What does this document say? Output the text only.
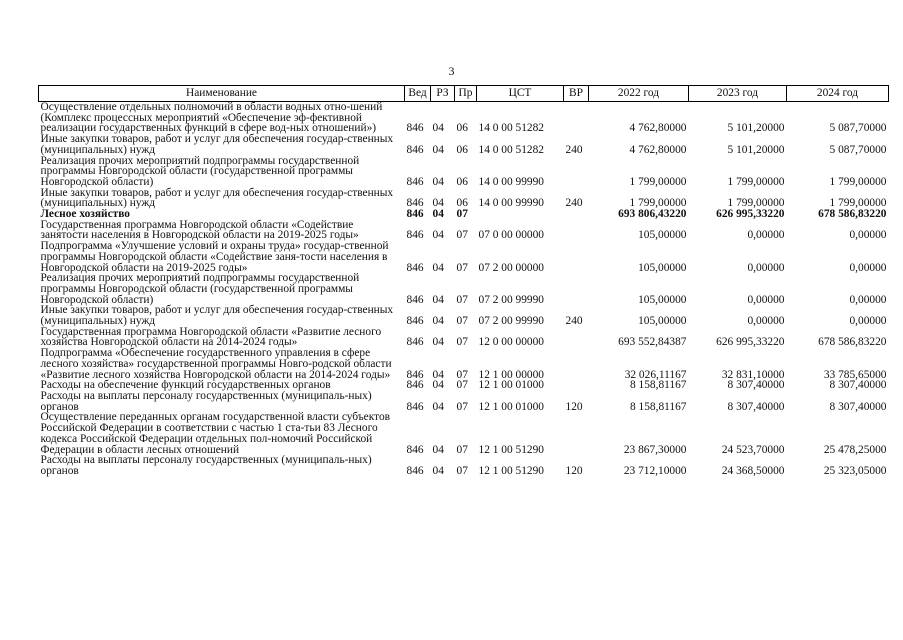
3
Наименование	Вед	РЗ	Пр	ЦСТ	ВР	2022 год	2023 год	2024 год
Осуществление отдельных полномочий в области водных отно-шений (Комплекс процессных мероприятий «Обеспечение эф-фективной реализации государственных функций в сфере вод-ных отношений»)	846	04	06	14 0 00 51282		4 762,80000	5 101,20000	5 087,70000
Иные закупки товаров, работ и услуг для обеспечения государ-ственных (муниципальных) нужд	846	04	06	14 0 00 51282	240	4 762,80000	5 101,20000	5 087,70000
Реализация прочих мероприятий подпрограммы государственной программы Новгородской области (государственной программы Новгородской области)	846	04	06	14 0 00 99990		1 799,00000	1 799,00000	1 799,00000
Иные закупки товаров, работ и услуг для обеспечения государ-ственных (муниципальных) нужд	846	04	06	14 0 00 99990	240	1 799,00000	1 799,00000	1 799,00000
Лесное хозяйство	846	04	07			693 806,43220	626 995,33220	678 586,83220
Государственная программа Новгородской области «Содействие занятости населения в Новгородской области на 2019-2025 годы»	846	04	07	07 0 00 00000		105,00000	0,00000	0,00000
Подпрограмма «Улучшение условий и охраны труда» государ-ственной программы Новгородской области «Содействие заня-тости населения в Новгородской области на 2019-2025 годы»	846	04	07	07 2 00 00000		105,00000	0,00000	0,00000
Реализация прочих мероприятий подпрограммы государственной программы Новгородской области (государственной программы Новгородской области)	846	04	07	07 2 00 99990		105,00000	0,00000	0,00000
Иные закупки товаров, работ и услуг для обеспечения государ-ственных (муниципальных) нужд	846	04	07	07 2 00 99990	240	105,00000	0,00000	0,00000
Государственная программа Новгородской области «Развитие лесного хозяйства Новгородской области на 2014-2024 годы»	846	04	07	12 0 00 00000		693 552,84387	626 995,33220	678 586,83220
Подпрограмма «Обеспечение государственного управления в сфере лесного хозяйства» государственной программы Новго-родской области «Развитие лесного хозяйства Новгородской области на 2014-2024 годы»	846	04	07	12 1 00 00000		32 026,11167	32 831,10000	33 785,65000
Расходы на обеспечение функций государственных органов	846	04	07	12 1 00 01000		8 158,81167	8 307,40000	8 307,40000
Расходы на выплаты персоналу государственных (муниципаль-ных) органов	846	04	07	12 1 00 01000	120	8 158,81167	8 307,40000	8 307,40000
Осуществление переданных органам государственной власти субъектов Российской Федерации в соответствии с частью 1 ста-тьи 83 Лесного кодекса Российской Федерации отдельных пол-номочий Российской Федерации в области лесных отношений	846	04	07	12 1 00 51290		23 867,30000	24 523,70000	25 478,25000
Расходы на выплаты персоналу государственных (муниципаль-ных) органов	846	04	07	12 1 00 51290	120	23 712,10000	24 368,50000	25 323,05000
